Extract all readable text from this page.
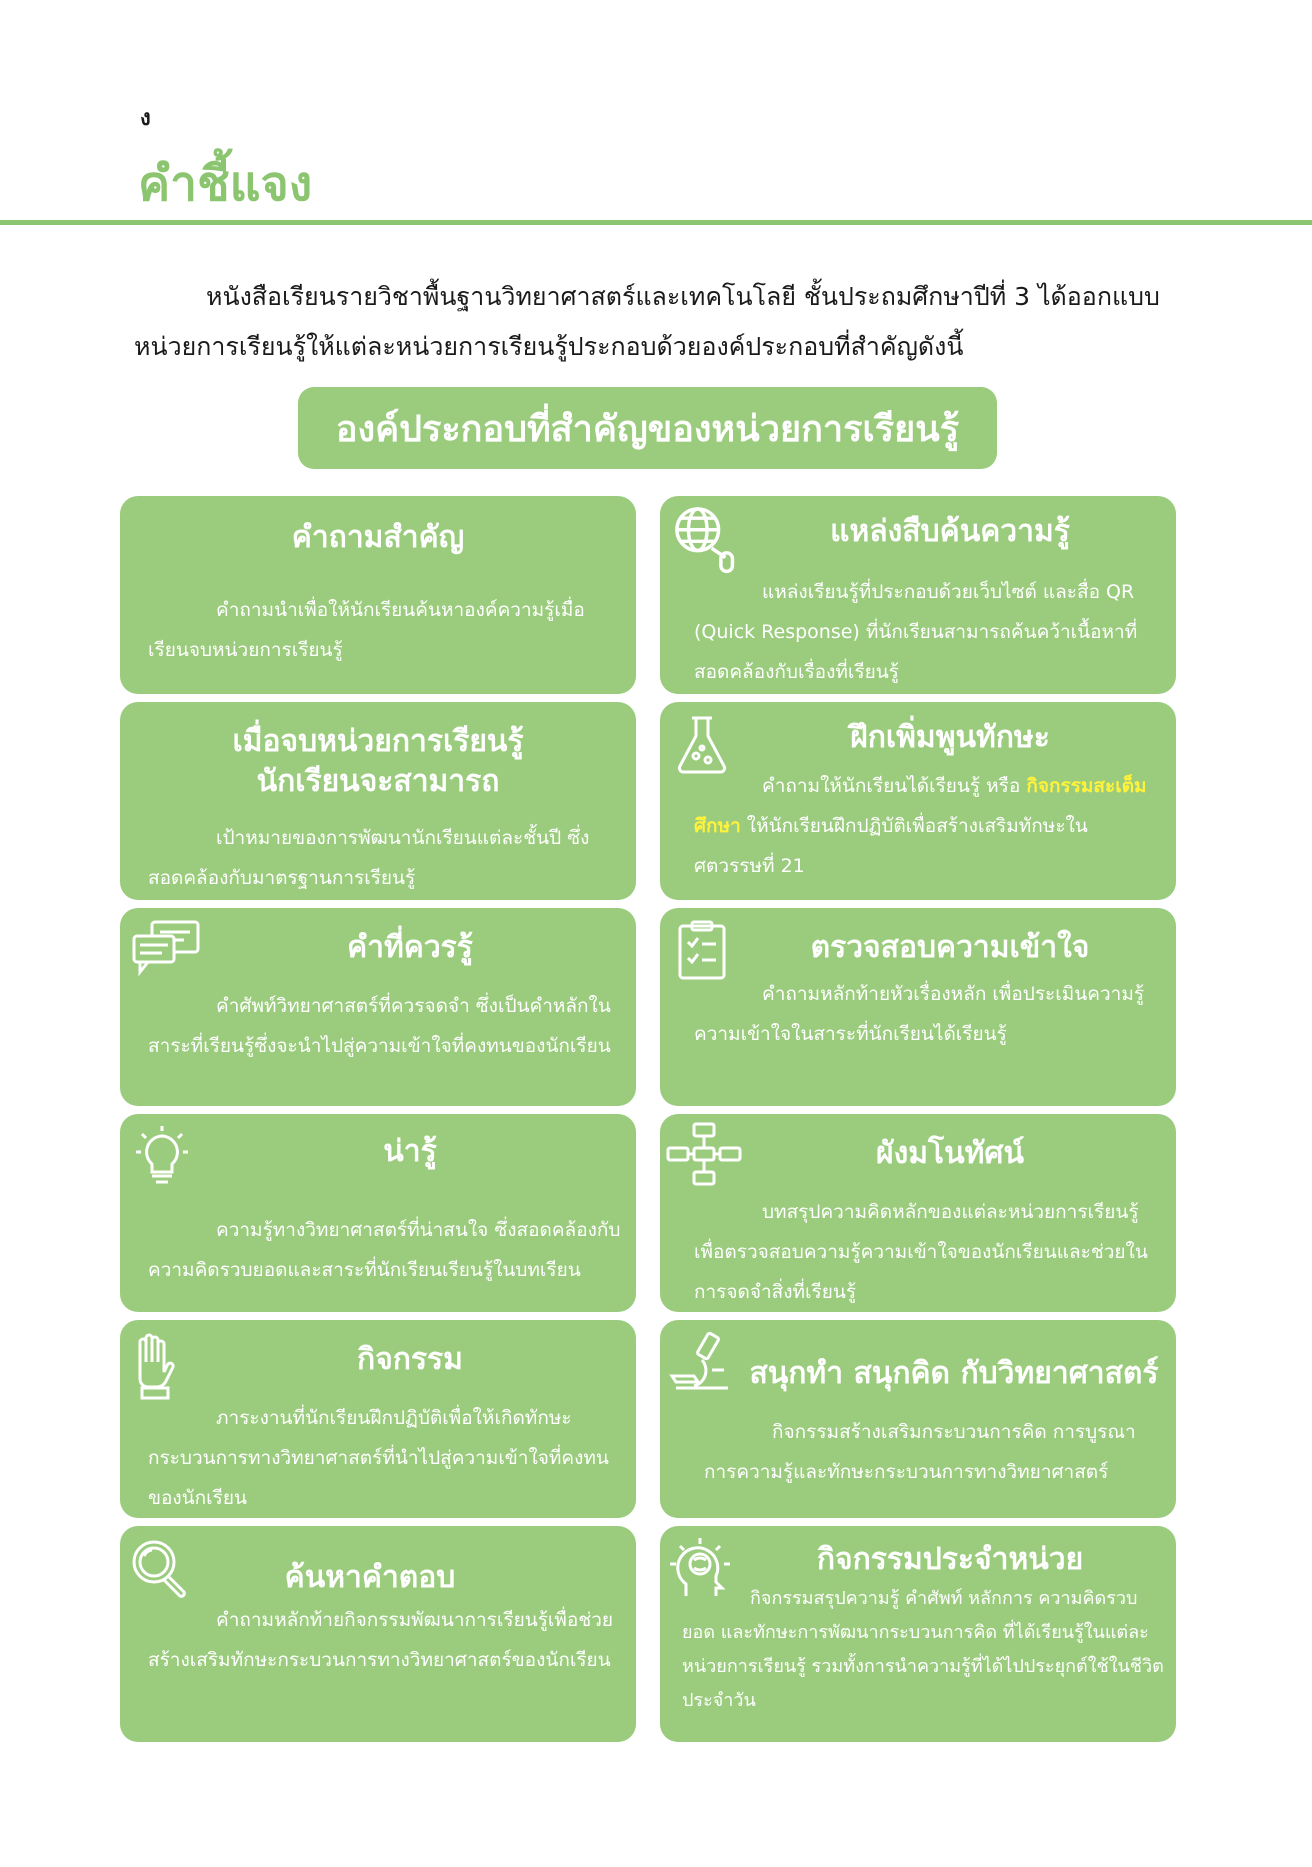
ง
คำชี้แจง
หนังสือเรียนรายวิชาพื้นฐานวิทยาศาสตร์และเทคโนโลยี ชั้นประถมศึกษาปีที่ 3 ได้ออกแบบ
หน่วยการเรียนรู้ให้แต่ละหน่วยการเรียนรู้ประกอบด้วยองค์ประกอบที่สำคัญดังนี้
องค์ประกอบที่สำคัญของหน่วยการเรียนรู้
คำถามสำคัญ
คำถามนำเพื่อให้นักเรียนค้นหาองค์ความรู้เมื่อเรียนจบหน่วยการเรียนรู้
แหล่งสืบค้นความรู้
แหล่งเรียนรู้ที่ประกอบด้วยเว็บไซต์ และสื่อ QR (Quick Response) ที่นักเรียนสามารถค้นคว้าเนื้อหาที่สอดคล้องกับเรื่องที่เรียนรู้
เมื่อจบหน่วยการเรียนรู้
นักเรียนจะสามารถ
เป้าหมายของการพัฒนานักเรียนแต่ละชั้นปี ซึ่งสอดคล้องกับมาตรฐานการเรียนรู้
ฝึกเพิ่มพูนทักษะ
คำถามให้นักเรียนได้เรียนรู้ หรือ กิจกรรมสะเต็มศึกษา ให้นักเรียนฝึกปฏิบัติเพื่อสร้างเสริมทักษะในศตวรรษที่ 21
คำที่ควรรู้
คำศัพท์วิทยาศาสตร์ที่ควรจดจำ ซึ่งเป็นคำหลักในสาระที่เรียนรู้ซึ่งจะนำไปสู่ความเข้าใจที่คงทนของนักเรียน
ตรวจสอบความเข้าใจ
คำถามหลักท้ายหัวเรื่องหลัก เพื่อประเมินความรู้ความเข้าใจในสาระที่นักเรียนได้เรียนรู้
น่ารู้
ความรู้ทางวิทยาศาสตร์ที่น่าสนใจ ซึ่งสอดคล้องกับความคิดรวบยอดและสาระที่นักเรียนเรียนรู้ในบทเรียน
ผังมโนทัศน์
บทสรุปความคิดหลักของแต่ละหน่วยการเรียนรู้ เพื่อตรวจสอบความรู้ความเข้าใจของนักเรียนและช่วยในการจดจำสิ่งที่เรียนรู้
กิจกรรม
ภาระงานที่นักเรียนฝึกปฏิบัติเพื่อให้เกิดทักษะกระบวนการทางวิทยาศาสตร์ที่นำไปสู่ความเข้าใจที่คงทนของนักเรียน
สนุกทำ สนุกคิด กับวิทยาศาสตร์
กิจกรรมสร้างเสริมกระบวนการคิด การบูรณาการความรู้และทักษะกระบวนการทางวิทยาศาสตร์
ค้นหาคำตอบ
คำถามหลักท้ายกิจกรรมพัฒนาการเรียนรู้เพื่อช่วยสร้างเสริมทักษะกระบวนการทางวิทยาศาสตร์ของนักเรียน
กิจกรรมประจำหน่วย
กิจกรรมสรุปความรู้ คำศัพท์ หลักการ ความคิดรวบยอด และทักษะการพัฒนากระบวนการคิด ที่ได้เรียนรู้ในแต่ละหน่วยการเรียนรู้ รวมทั้งการนำความรู้ที่ได้ไปประยุกต์ใช้ในชีวิตประจำวัน
